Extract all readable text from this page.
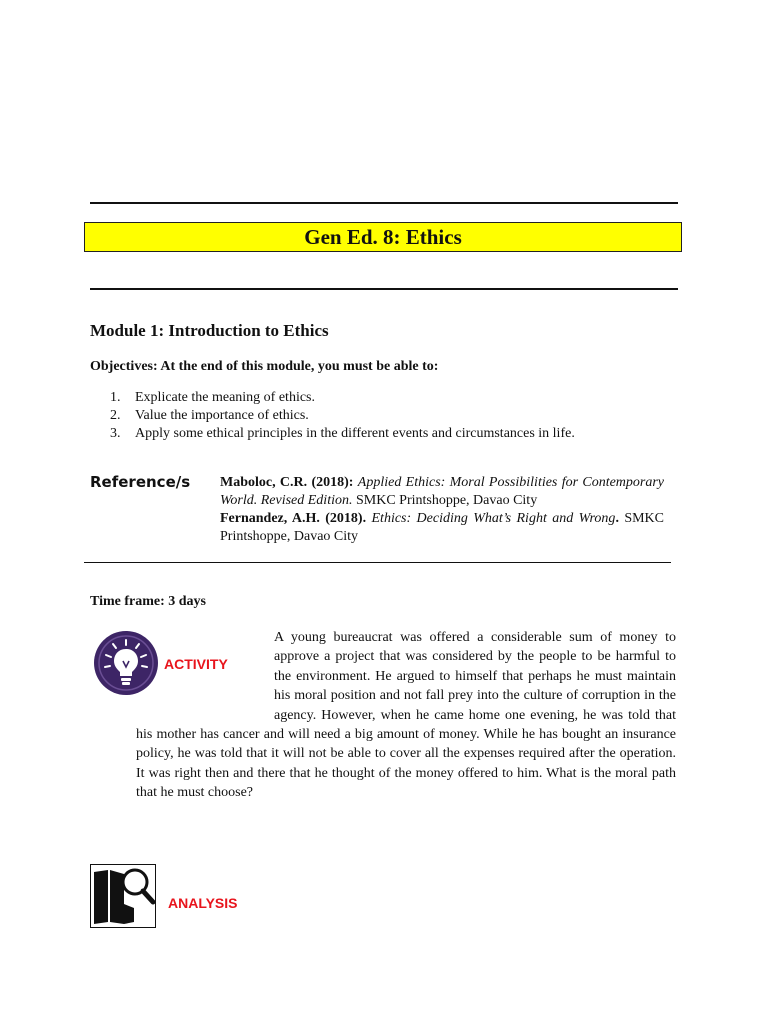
Gen Ed. 8: Ethics
Module 1: Introduction to Ethics
Objectives: At the end of this module, you must be able to:
1.	Explicate the meaning of ethics.
2.	Value the importance of ethics.
3.	Apply some ethical principles in the different events and circumstances in life.
Reference/s Maboloc, C.R. (2018): Applied Ethics: Moral Possibilities for Contemporary World. Revised Edition. SMKC Printshoppe, Davao City

Fernandez, A.H. (2018). Ethics: Deciding What’s Right and Wrong. SMKC Printshoppe, Davao City

Time frame: 3 days
ACTIVITY
A young bureaucrat was offered a considerable sum of money to approve a project that was considered by the people to be harmful to the environment. He argued to himself that perhaps he must maintain his moral position and not fall prey into the culture of corruption in the agency. However, when he came home one evening, he was told that his mother has cancer and will need a big amount of money. While he has bought an insurance policy, he was told that it will not be able to cover all the expenses required after the operation. It was right then and there that he thought of the money offered to him. What is the moral path that he must choose?
ANALYSIS
